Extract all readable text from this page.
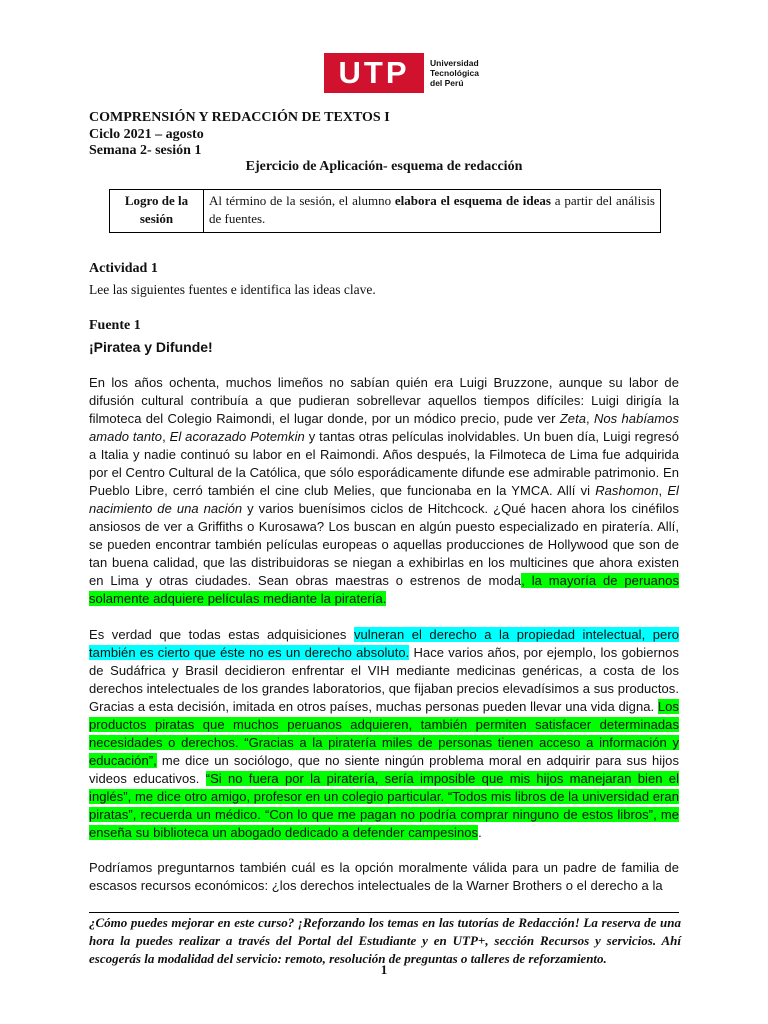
UTP Universidad
Tecnológica
del Perú
COMPRENSIÓN Y REDACCIÓN DE TEXTOS I
Ciclo 2021 – agosto
Semana 2- sesión 1
Ejercicio de Aplicación- esquema de redacción
Logro de la sesión	Al término de la sesión, el alumno elabora el esquema de ideas a partir del análisis de fuentes.
Actividad 1
Lee las siguientes fuentes e identifica las ideas clave.
Fuente 1
¡Piratea y Difunde!
En los años ochenta, muchos limeños no sabían quién era Luigi Bruzzone, aunque su labor de difusión cultural contribuía a que pudieran sobrellevar aquellos tiempos difíciles: Luigi dirigía la filmoteca del Colegio Raimondi, el lugar donde, por un módico precio, pude ver Zeta, Nos habíamos amado tanto, El acorazado Potemkin y tantas otras películas inolvidables. Un buen día, Luigi regresó a Italia y nadie continuó su labor en el Raimondi. Años después, la Filmoteca de Lima fue adquirida por el Centro Cultural de la Católica, que sólo esporádicamente difunde ese admirable patrimonio. En Pueblo Libre, cerró también el cine club Melies, que funcionaba en la YMCA. Allí vi Rashomon, El nacimiento de una nación y varios buenísimos ciclos de Hitchcock. ¿Qué hacen ahora los cinéfilos ansiosos de ver a Griffiths o Kurosawa? Los buscan en algún puesto especializado en piratería. Allí, se pueden encontrar también películas europeas o aquellas producciones de Hollywood que son de tan buena calidad, que las distribuidoras se niegan a exhibirlas en los multicines que ahora existen en Lima y otras ciudades. Sean obras maestras o estrenos de moda, la mayoría de peruanos solamente adquiere películas mediante la piratería.
Es verdad que todas estas adquisiciones vulneran el derecho a la propiedad intelectual, pero también es cierto que éste no es un derecho absoluto. Hace varios años, por ejemplo, los gobiernos de Sudáfrica y Brasil decidieron enfrentar el VIH mediante medicinas genéricas, a costa de los derechos intelectuales de los grandes laboratorios, que fijaban precios elevadísimos a sus productos. Gracias a esta decisión, imitada en otros países, muchas personas pueden llevar una vida digna. Los productos piratas que muchos peruanos adquieren, también permiten satisfacer determinadas necesidades o derechos. “Gracias a la piratería miles de personas tienen acceso a información y educación”, me dice un sociólogo, que no siente ningún problema moral en adquirir para sus hijos videos educativos. “Si no fuera por la piratería, sería imposible que mis hijos manejaran bien el inglés”, me dice otro amigo, profesor en un colegio particular. “Todos mis libros de la universidad eran piratas”, recuerda un médico. “Con lo que me pagan no podría comprar ninguno de estos libros”, me enseña su biblioteca un abogado dedicado a defender campesinos.
Podríamos preguntarnos también cuál es la opción moralmente válida para un padre de familia de escasos recursos económicos: ¿los derechos intelectuales de la Warner Brothers o el derecho a la
¿Cómo puedes mejorar en este curso? ¡Reforzando los temas en las tutorías de Redacción! La reserva de una hora la puedes realizar a través del Portal del Estudiante y en UTP+, sección Recursos y servicios. Ahí escogerás la modalidad del servicio: remoto, resolución de preguntas o talleres de reforzamiento.
1
